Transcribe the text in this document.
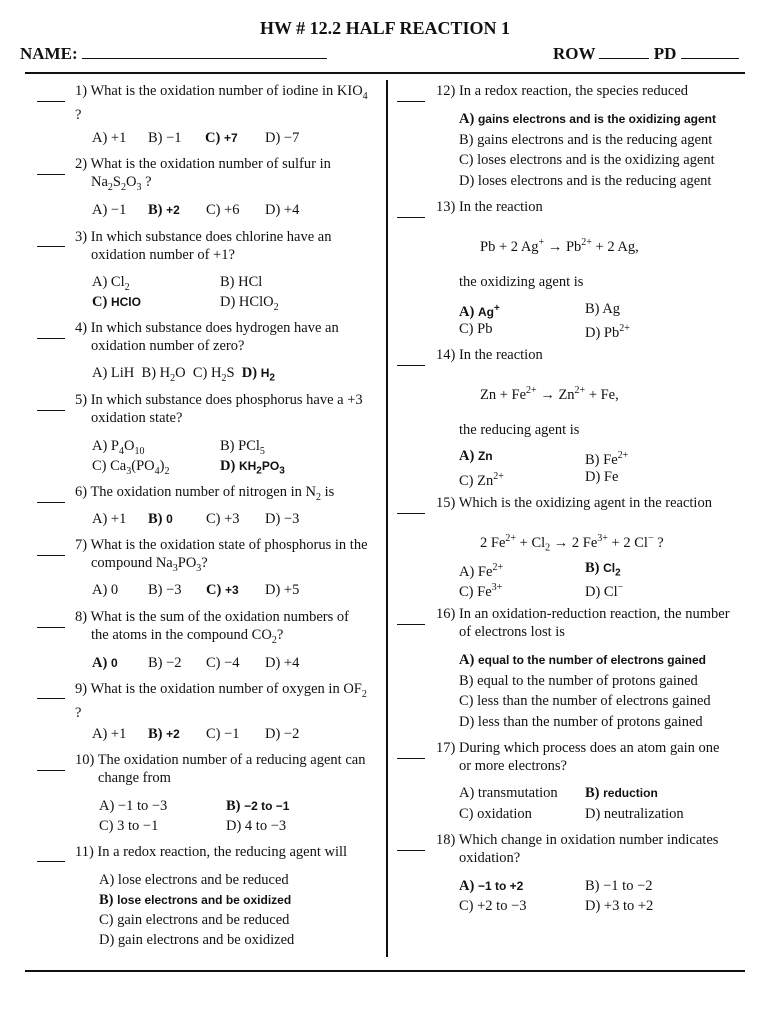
HW # 12.2 HALF REACTION 1
NAME:	ROW	PD
1) What is the oxidation number of iodine in $KIO_4$
?
A) +1 B) −1 C) +7 D) −7
2) What is the oxidation number of sulfur in
$Na_2S_2O_3$ ?
A) −1 B) +2 C) +6 D) +4
3) In which substance does chlorine have an
oxidation number of +1?
A) $Cl_2$	B) HCl
C) HClO	D) HClO$_2$
4) In which substance does hydrogen have an
oxidation number of zero?
A) LiH  B) $H_2O$  C) $H_2S$  D) $H_2$
5) In which substance does phosphorus have a +3
oxidation state?
A) $P_4O_{10}$	B) PCl$_5$
C) $Ca_3(PO_4)_2$	D) $KH_2PO_3$
6) The oxidation number of nitrogen in $N_2$ is
A) +1 B) 0 C) +3 D) −3
7) What is the oxidation state of phosphorus in the
compound $Na_3PO_3$?
A) 0 B) −3 C) +3 D) +5
8) What is the sum of the oxidation numbers of
the atoms in the compound $CO_2$?
A) 0 B) −2 C) −4 D) +4
9) What is the oxidation number of oxygen in $OF_2$
?
A) +1 B) +2 C) −1 D) −2
10) The oxidation number of a reducing agent can
change from
A) −1 to −3	B) −2 to −1
C) 3 to −1	D) 4 to −3
11) In a redox reaction, the reducing agent will
A) lose electrons and be reduced
B) lose electrons and be oxidized
C) gain electrons and be reduced
D) gain electrons and be oxidized
12) In a redox reaction, the species reduced
A) gains electrons and is the oxidizing agent
B) gains electrons and is the reducing agent
C) loses electrons and is the oxidizing agent
D) loses electrons and is the reducing agent
13) In the reaction
Pb + 2 $Ag^+ \to Pb^{2+} + 2$ Ag,
the oxidizing agent is
A) Ag+	B) Ag
C) Pb	D) $Pb^{2+}$
14) In the reaction
$Zn + Fe^{2+} \to Zn^{2+} + Fe$,
the reducing agent is
A) Zn	B) $Fe^{2+}$
C) $Zn^{2+}$	D) Fe
15) Which is the oxidizing agent in the reaction
2 $Fe^{2+} + Cl_2 \to 2$ $Fe^{3+} + 2$ Cl− ?
A) $Fe^{2+}$	B) $Cl_2$
C) $Fe^{3+}$	D) Cl−
16) In an oxidation-reduction reaction, the number
of electrons lost is
A) equal to the number of electrons gained
B) equal to the number of protons gained
C) less than the number of electrons gained
D) less than the number of protons gained
17) During which process does an atom gain one
or more electrons?
A) transmutation B) reduction
C) oxidation	D) neutralization
18) Which change in oxidation number indicates
oxidation?
A) −1 to +2	B) −1 to −2
C) +2 to −3	D) +3 to +2
